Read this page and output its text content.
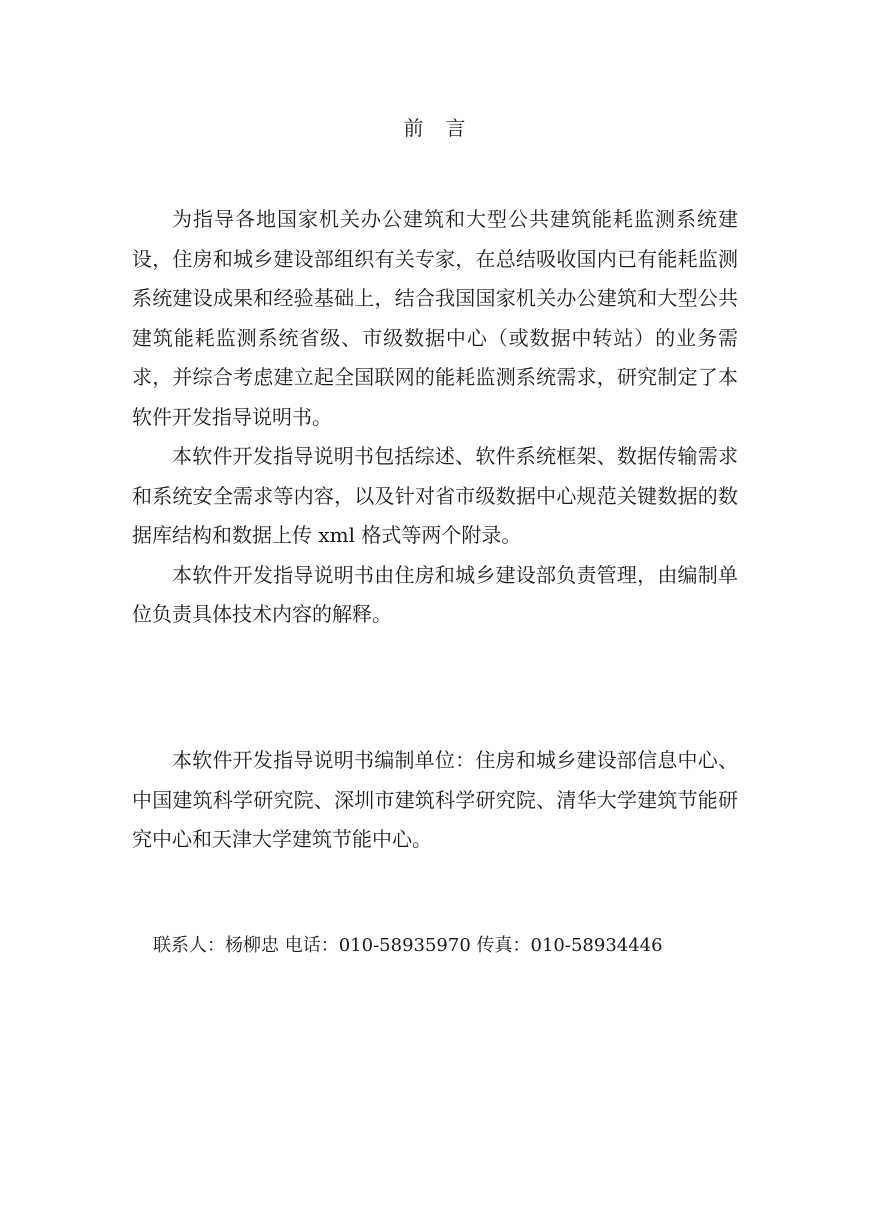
前言

为指导各地国家机关办公建筑和大型公共建筑能耗监测系统建设，住房和城乡建设部组织有关专家，在总结吸收国内已有能耗监测系统建设成果和经验基础上，结合我国国家机关办公建筑和大型公共建筑能耗监测系统省级、市级数据中心（或数据中转站）的业务需求，并综合考虑建立起全国联网的能耗监测系统需求，研究制定了本软件开发指导说明书。

本软件开发指导说明书包括综述、软件系统框架、数据传输需求和系统安全需求等内容，以及针对省市级数据中心规范关键数据的数据库结构和数据上传 xml 格式等两个附录。

本软件开发指导说明书由住房和城乡建设部负责管理，由编制单位负责具体技术内容的解释。

本软件开发指导说明书编制单位：住房和城乡建设部信息中心、中国建筑科学研究院、深圳市建筑科学研究院、清华大学建筑节能研究中心和天津大学建筑节能中心。

联系人：杨柳忠 电话：010-58935970 传真：010-58934446
